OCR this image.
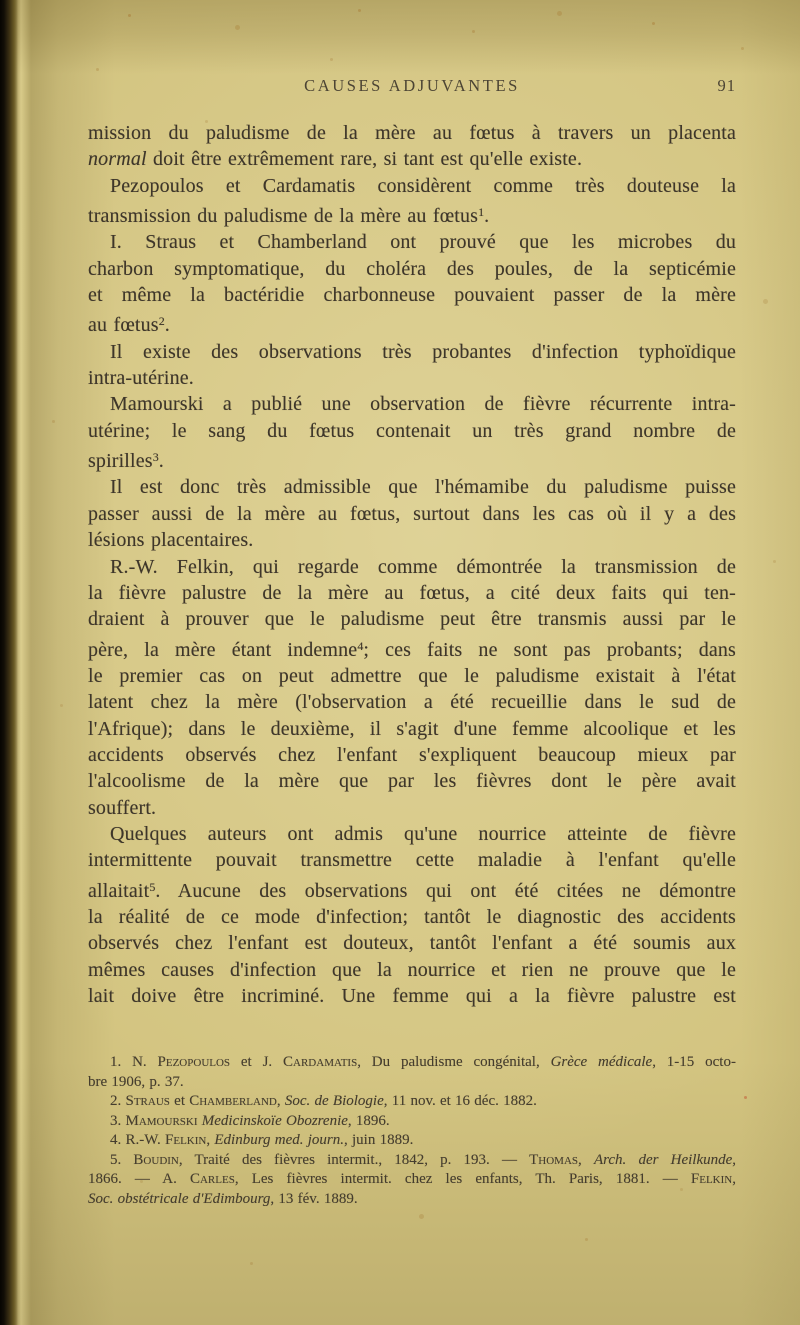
CAUSES ADJUVANTES	91
mission du paludisme de la mère au fœtus à travers un placenta
normal doit être extrêmement rare, si tant est qu'elle existe.
Pezopoulos et Cardamatis considèrent comme très douteuse la
transmission du paludisme de la mère au fœtus$^1$.
I. Straus et Chamberland ont prouvé que les microbes du
charbon symptomatique, du choléra des poules, de la septicémie
et même la bactéridie charbonneuse pouvaient passer de la mère
au fœtus$^2$.
Il existe des observations très probantes d'infection typhoïdique
intra-utérine.
Mamourski a publié une observation de fièvre récurrente intra-
utérine; le sang du fœtus contenait un très grand nombre de
spirilles$^3$.
Il est donc très admissible que l'hémamibe du paludisme puisse
passer aussi de la mère au fœtus, surtout dans les cas où il y a des
lésions placentaires.
R.-W. Felkin, qui regarde comme démontrée la transmission de
la fièvre palustre de la mère au fœtus, a cité deux faits qui ten-
draient à prouver que le paludisme peut être transmis aussi par le
père, la mère étant indemne$^4$; ces faits ne sont pas probants; dans
le premier cas on peut admettre que le paludisme existait à l'état
latent chez la mère (l'observation a été recueillie dans le sud de
l'Afrique); dans le deuxième, il s'agit d'une femme alcoolique et les
accidents observés chez l'enfant s'expliquent beaucoup mieux par
l'alcoolisme de la mère que par les fièvres dont le père avait
souffert.
Quelques auteurs ont admis qu'une nourrice atteinte de fièvre
intermittente pouvait transmettre cette maladie à l'enfant qu'elle
allaitait$^5$. Aucune des observations qui ont été citées ne démontre
la réalité de ce mode d'infection; tantôt le diagnostic des accidents
observés chez l'enfant est douteux, tantôt l'enfant a été soumis aux
mêmes causes d'infection que la nourrice et rien ne prouve que le
lait doive être incriminé. Une femme qui a la fièvre palustre est
1. N. Pezopoulos et J. Cardamatis, Du paludisme congénital, Grèce médicale, 1-15 octo-
bre 1906, p. 37.
2. Straus et Chamberland, Soc. de Biologie, 11 nov. et 16 déc. 1882.
3. Mamourski Medicinskoïe Obozrenie, 1896.
4. R.-W. Felkin, Edinburg med. journ., juin 1889.
5. Boudin, Traité des fièvres intermit., 1842, p. 193. — Thomas, Arch. der Heilkunde,
1866. — A. Carles, Les fièvres intermit. chez les enfants, Th. Paris, 1881. — Felkin,
Soc. obstétricale d'Edimbourg, 13 fév. 1889.
